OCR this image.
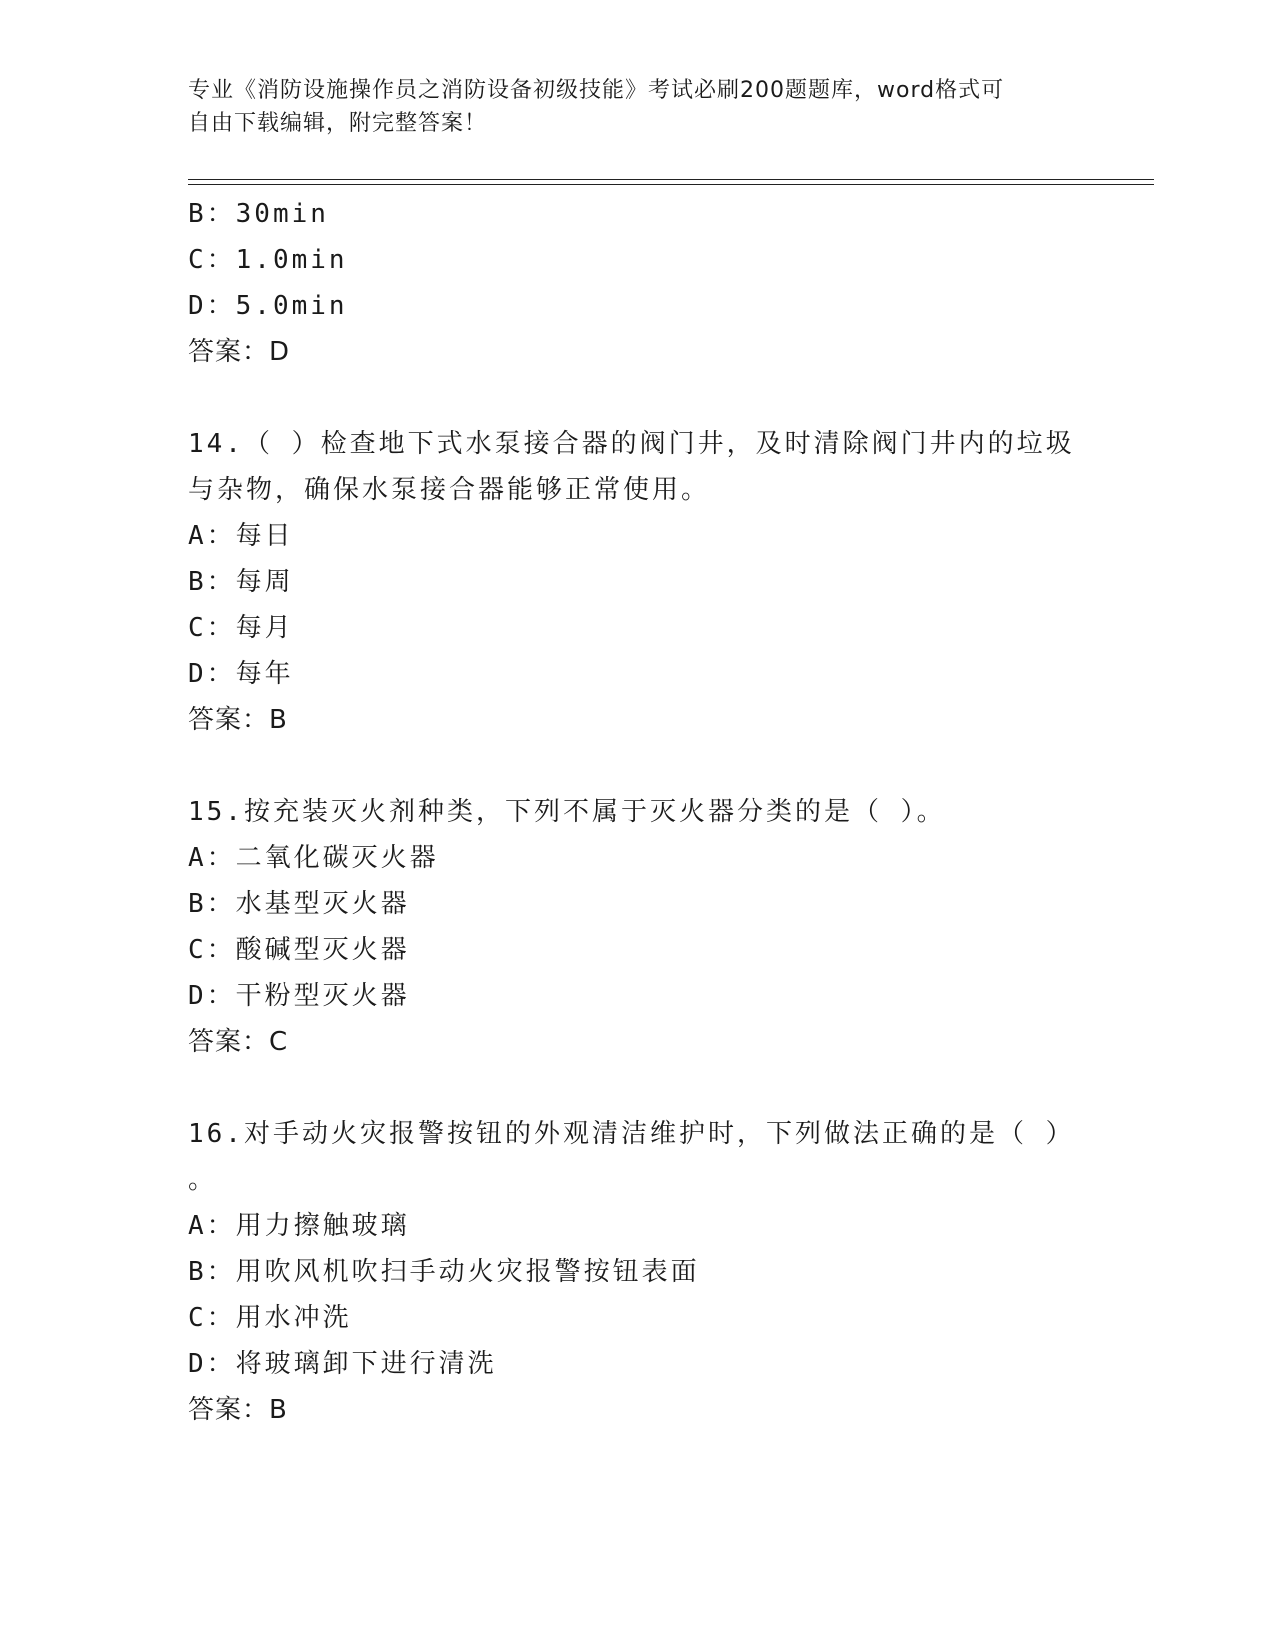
专业《消防设施操作员之消防设备初级技能》考试必刷200题题库，word格式可
自由下载编辑，附完整答案！
B：30min
C：1.0min
D：5.0min
答案：D
14.（ ）检查地下式水泵接合器的阀门井，及时清除阀门井内的垃圾
与杂物，确保水泵接合器能够正常使用。
A：每日
B：每周
C：每月
D：每年
答案：B
15.按充装灭火剂种类，下列不属于灭火器分类的是（ ）。
A：二氧化碳灭火器
B：水基型灭火器
C：酸碱型灭火器
D：干粉型灭火器
答案：C
16.对手动火灾报警按钮的外观清洁维护时，下列做法正确的是（ ）
。
A：用力擦触玻璃
B：用吹风机吹扫手动火灾报警按钮表面
C：用水冲洗
D：将玻璃卸下进行清洗
答案：B
